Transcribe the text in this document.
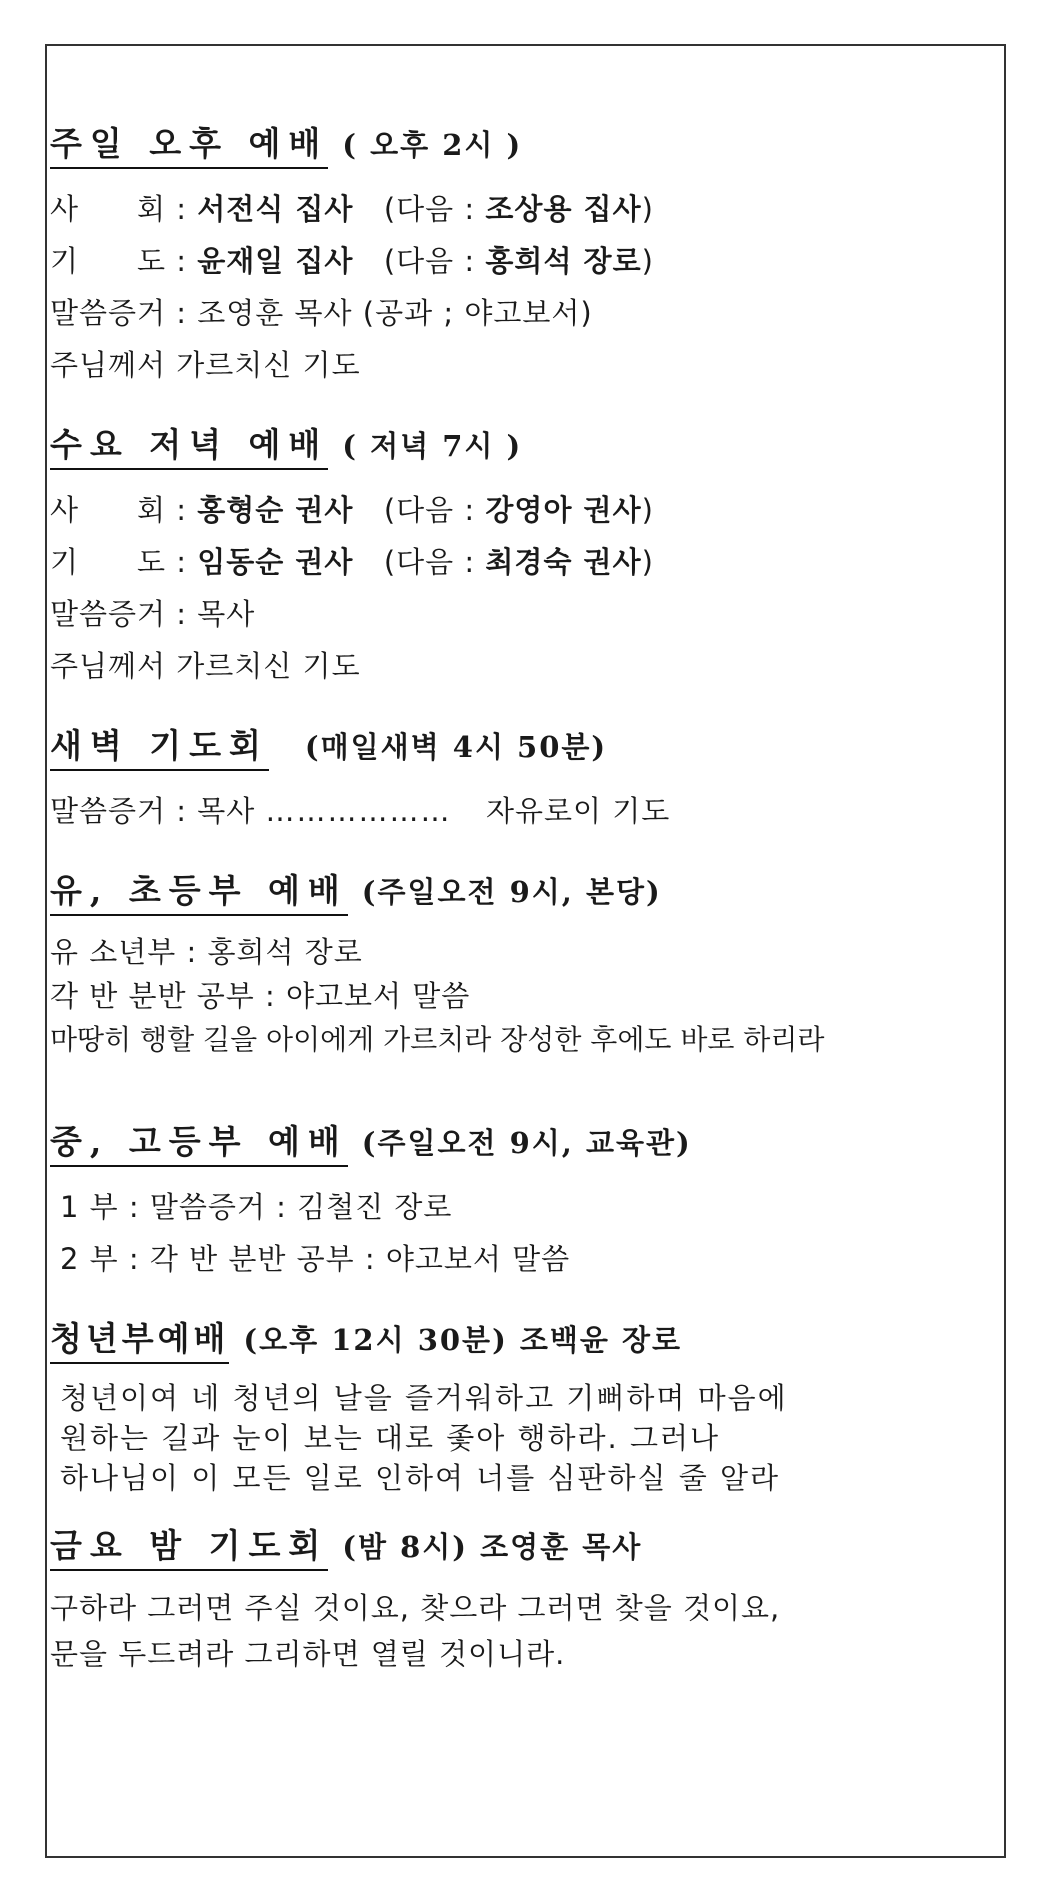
주일 오후 예배 ( 오후 2시 )
사 회 : 서전식 집사 (다음 : 조상용 집사)
기 도 : 윤재일 집사 (다음 : 홍희석 장로)
말씀증거 : 조영훈 목사 (공과 ; 야고보서)
주님께서 가르치신 기도
수요 저녁 예배 ( 저녁 7시 )
사 회 : 홍형순 권사 (다음 : 강영아 권사)
기 도 : 임동순 권사 (다음 : 최경숙 권사)
말씀증거 : 목사
주님께서 가르치신 기도
새벽 기도회 (매일새벽 4시 50분)
말씀증거 : 목사 ……………… 자유로이 기도
유, 초등부 예배 (주일오전 9시, 본당)
유 소년부 : 홍희석 장로
각 반 분반 공부 : 야고보서 말씀
마땅히 행할 길을 아이에게 가르치라 장성한 후에도 바로 하리라
중, 고등부 예배 (주일오전 9시, 교육관)
1 부 : 말씀증거 : 김철진 장로
2 부 : 각 반 분반 공부 : 야고보서 말씀
청년부예배 (오후 12시 30분) 조백윤 장로
청년이여 네 청년의 날을 즐거워하고 기뻐하며 마음에
원하는 길과 눈이 보는 대로 좇아 행하라. 그러나
하나님이 이 모든 일로 인하여 너를 심판하실 줄 알라
금요 밤 기도회 (밤 8시) 조영훈 목사
구하라 그러면 주실 것이요, 찾으라 그러면 찾을 것이요,
문을 두드려라 그리하면 열릴 것이니라.
